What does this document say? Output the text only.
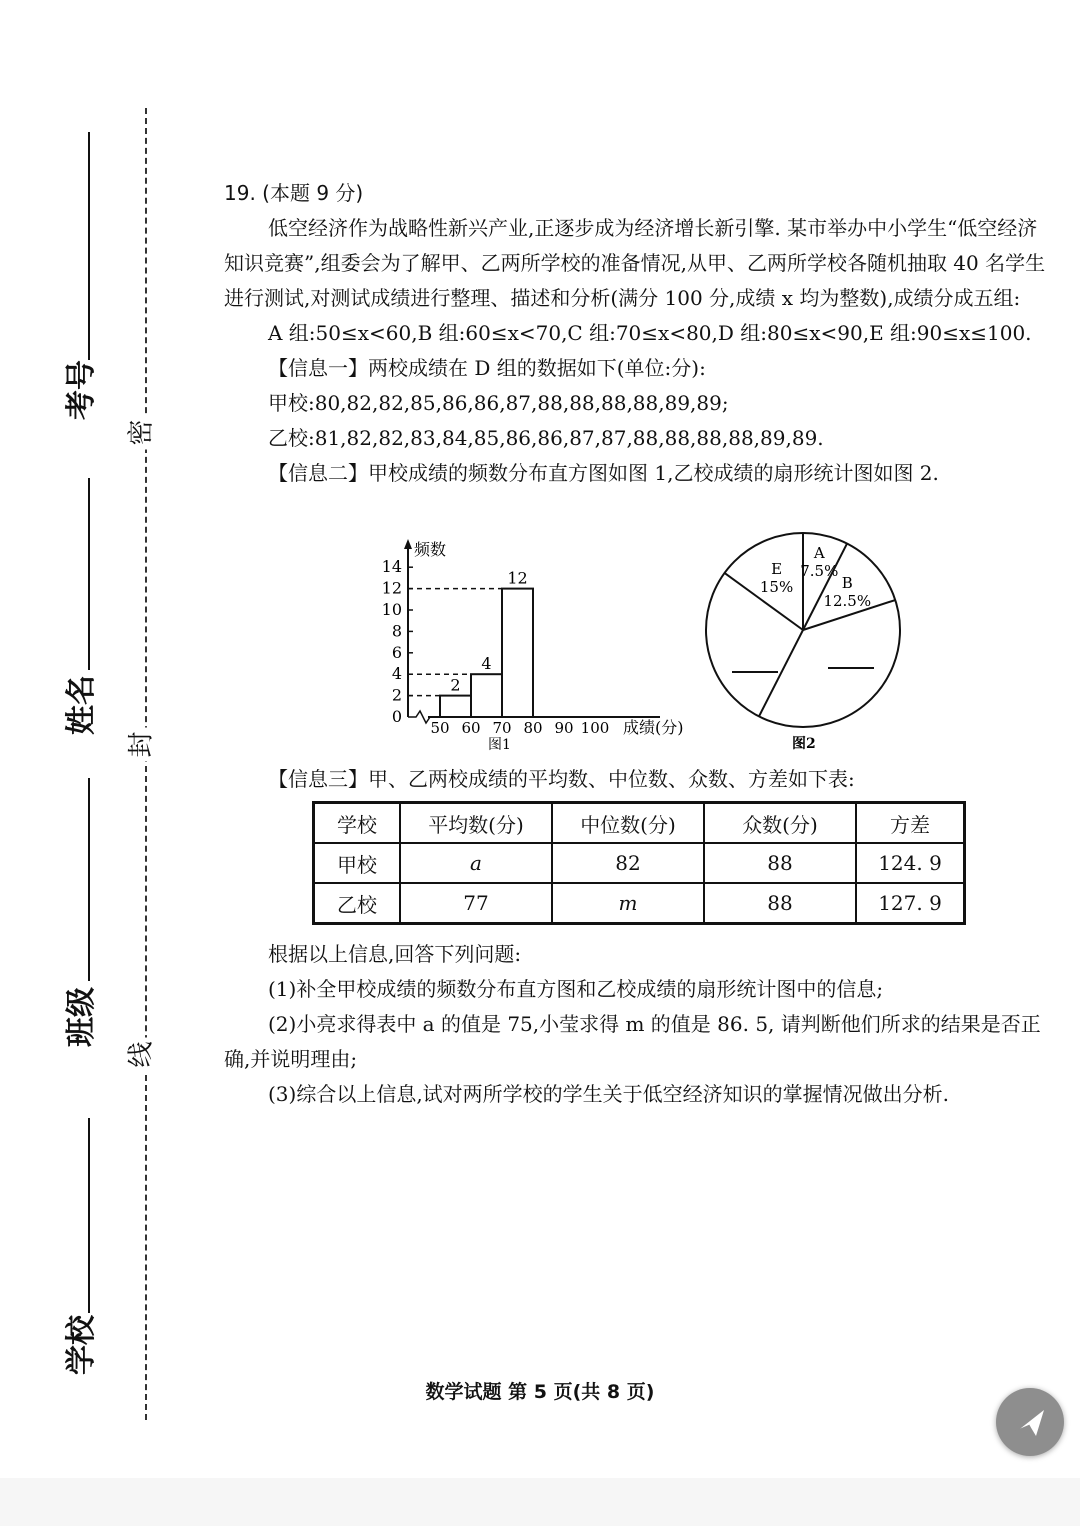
考号
姓名
班级
学校
密
封
线

19. (本题 9 分)

低空经济作为战略性新兴产业,正逐步成为经济增长新引擎. 某市举办中小学生“低空经济知识竞赛”,组委会为了解甲、乙两所学校的准备情况,从甲、乙两所学校各随机抽取 40 名学生进行测试,对测试成绩进行整理、描述和分析(满分 100 分,成绩 x 均为整数),成绩分成五组:

A 组:50≤x<60,B 组:60≤x<70,C 组:70≤x<80,D 组:80≤x<90,E 组:90≤x≤100.

【信息一】两校成绩在 D 组的数据如下(单位:分):

甲校:80,82,82,85,86,86,87,88,88,88,88,89,89;

乙校:81,82,82,83,84,85,86,86,87,87,88,88,88,88,89,89.

【信息二】甲校成绩的频数分布直方图如图 1,乙校成绩的扇形统计图如图 2.

频数
成绩(分)
图1
0
2
4
6
8
10
12
14
50 60 70 80 90 100
2
4
12
A
7.5%
B
12.5%
E
15%
图2

【信息三】甲、乙两校成绩的平均数、中位数、众数、方差如下表:

学校	平均数(分)	中位数(分)	众数(分)	方差
甲校	a	82	88	124. 9
乙校	77	m	88	127. 9

根据以上信息,回答下列问题:

(1)补全甲校成绩的频数分布直方图和乙校成绩的扇形统计图中的信息;

(2)小亮求得表中 a 的值是 75,小莹求得 m 的值是 86. 5, 请判断他们所求的结果是否正确,并说明理由;

(3)综合以上信息,试对两所学校的学生关于低空经济知识的掌握情况做出分析.

数学试题 第 5 页(共 8 页)
